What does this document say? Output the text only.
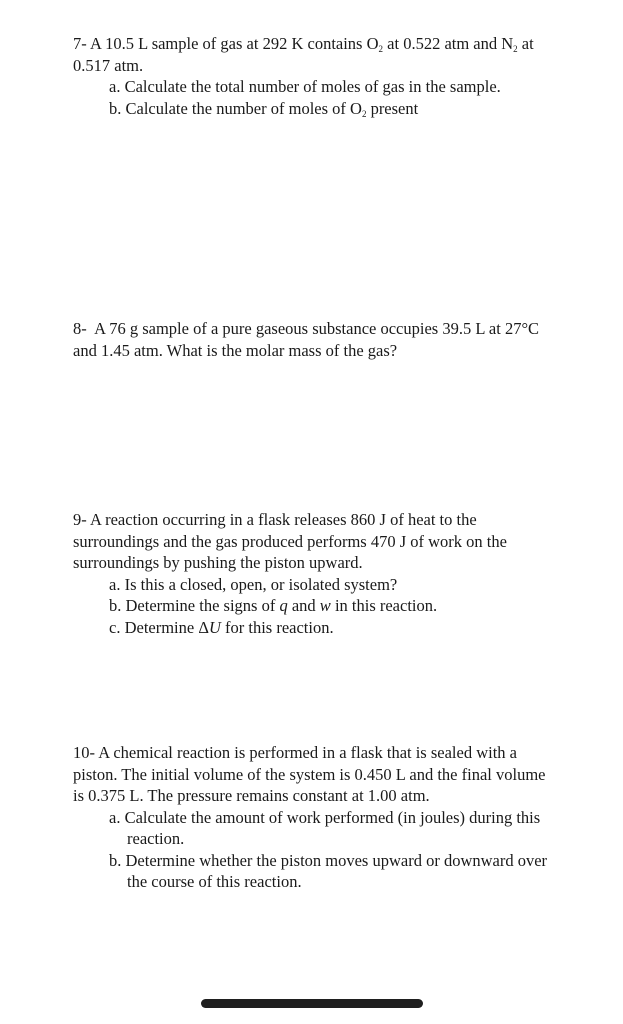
7- A 10.5 L sample of gas at 292 K contains $O_2$ at 0.522 atm and $N_2$ at 0.517 atm.

a. Calculate the total number of moles of gas in the sample.
b. Calculate the number of moles of $O_2$ present

8- A 76 g sample of a pure gaseous substance occupies 39.5 L at 27°C and 1.45 atm. What is the molar mass of the gas?

9- A reaction occurring in a flask releases 860 J of heat to the surroundings and the gas produced performs 470 J of work on the surroundings by pushing the piston upward.

a. Is this a closed, open, or isolated system?
b. Determine the signs of q and w in this reaction.
c. Determine ΔU for this reaction.

10- A chemical reaction is performed in a flask that is sealed with a piston. The initial volume of the system is 0.450 L and the final volume is 0.375 L. The pressure remains constant at 1.00 atm.

a. Calculate the amount of work performed (in joules) during this reaction.
b. Determine whether the piston moves upward or downward over the course of this reaction.
